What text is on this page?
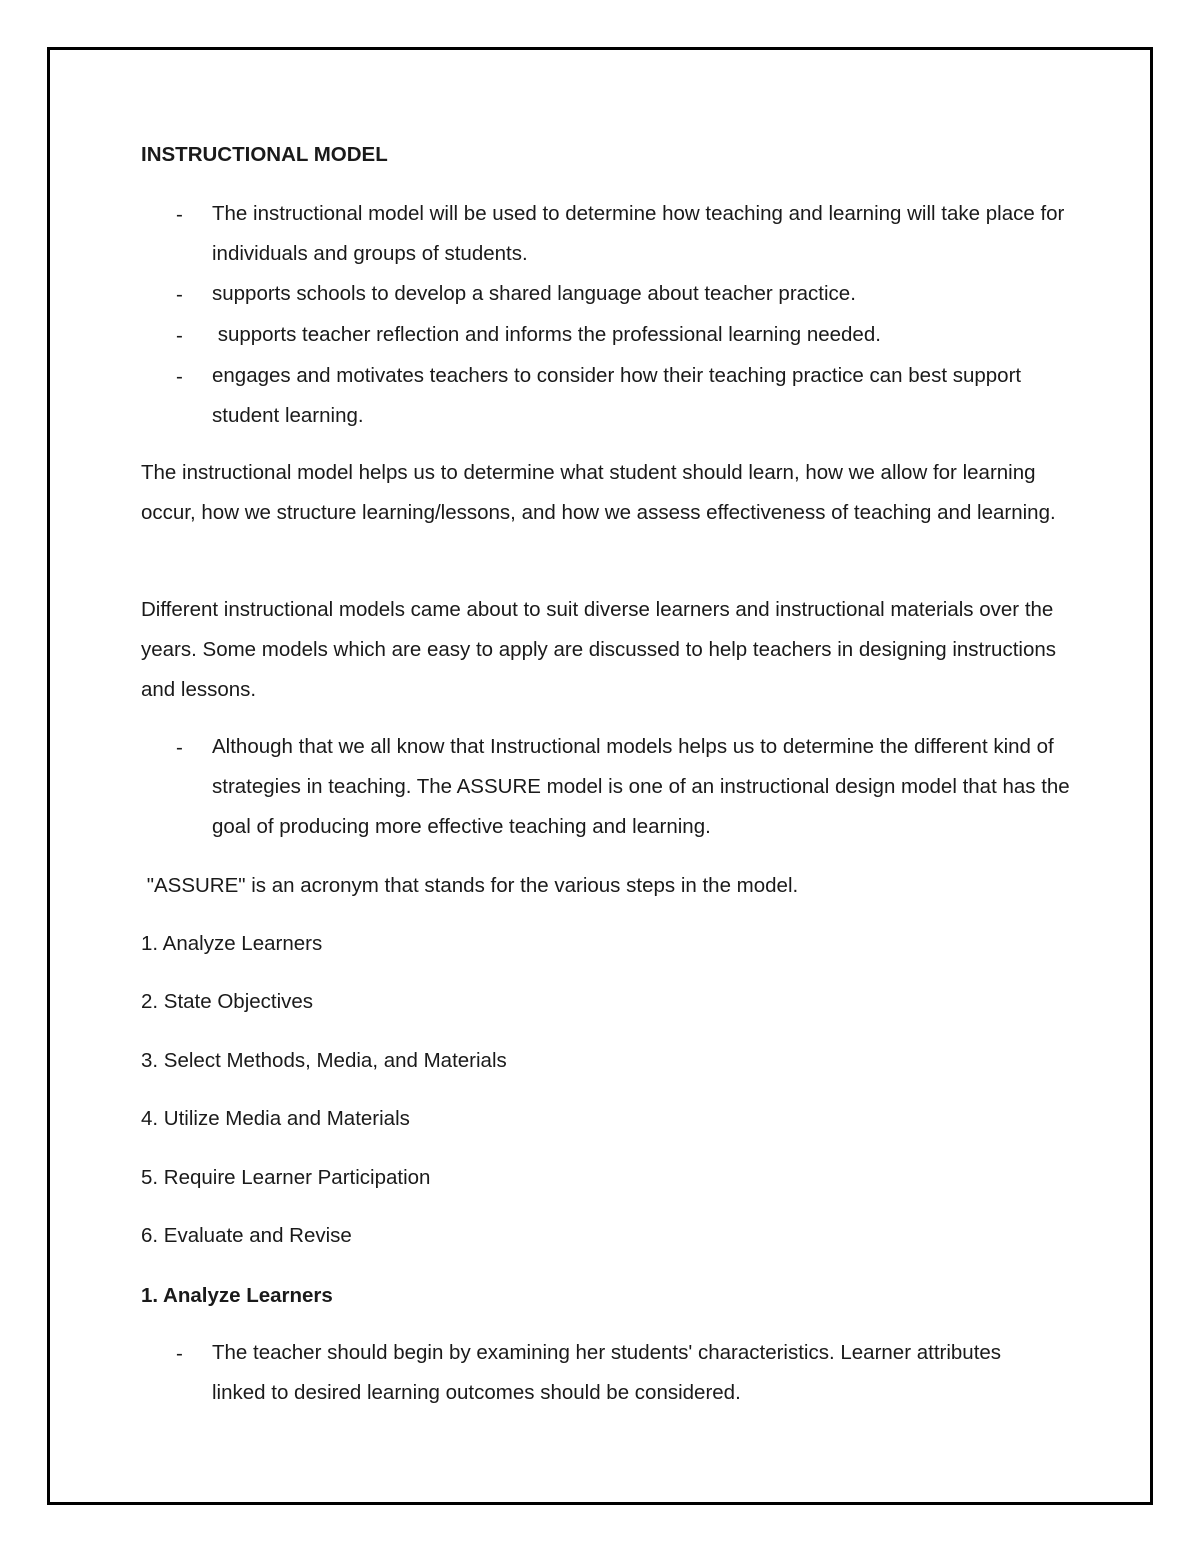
INSTRUCTIONAL MODEL
- The instructional model will be used to determine how teaching and learning will take place for individuals and groups of students.
- supports schools to develop a shared language about teacher practice.
- supports teacher reflection and informs the professional learning needed.
- engages and motivates teachers to consider how their teaching practice can best support student learning.
The instructional model helps us to determine what student should learn, how we allow for learning occur, how we structure learning/lessons, and how we assess effectiveness of teaching and learning.
Different instructional models came about to suit diverse learners and instructional materials over the years. Some models which are easy to apply are discussed to help teachers in designing instructions and lessons.
- Although that we all know that Instructional models helps us to determine the different kind of strategies in teaching. The ASSURE model is one of an instructional design model that has the goal of producing more effective teaching and learning.
"ASSURE" is an acronym that stands for the various steps in the model.
1. Analyze Learners
2. State Objectives
3. Select Methods, Media, and Materials
4. Utilize Media and Materials
5. Require Learner Participation
6. Evaluate and Revise
1. Analyze Learners
- The teacher should begin by examining her students' characteristics. Learner attributes linked to desired learning outcomes should be considered.
